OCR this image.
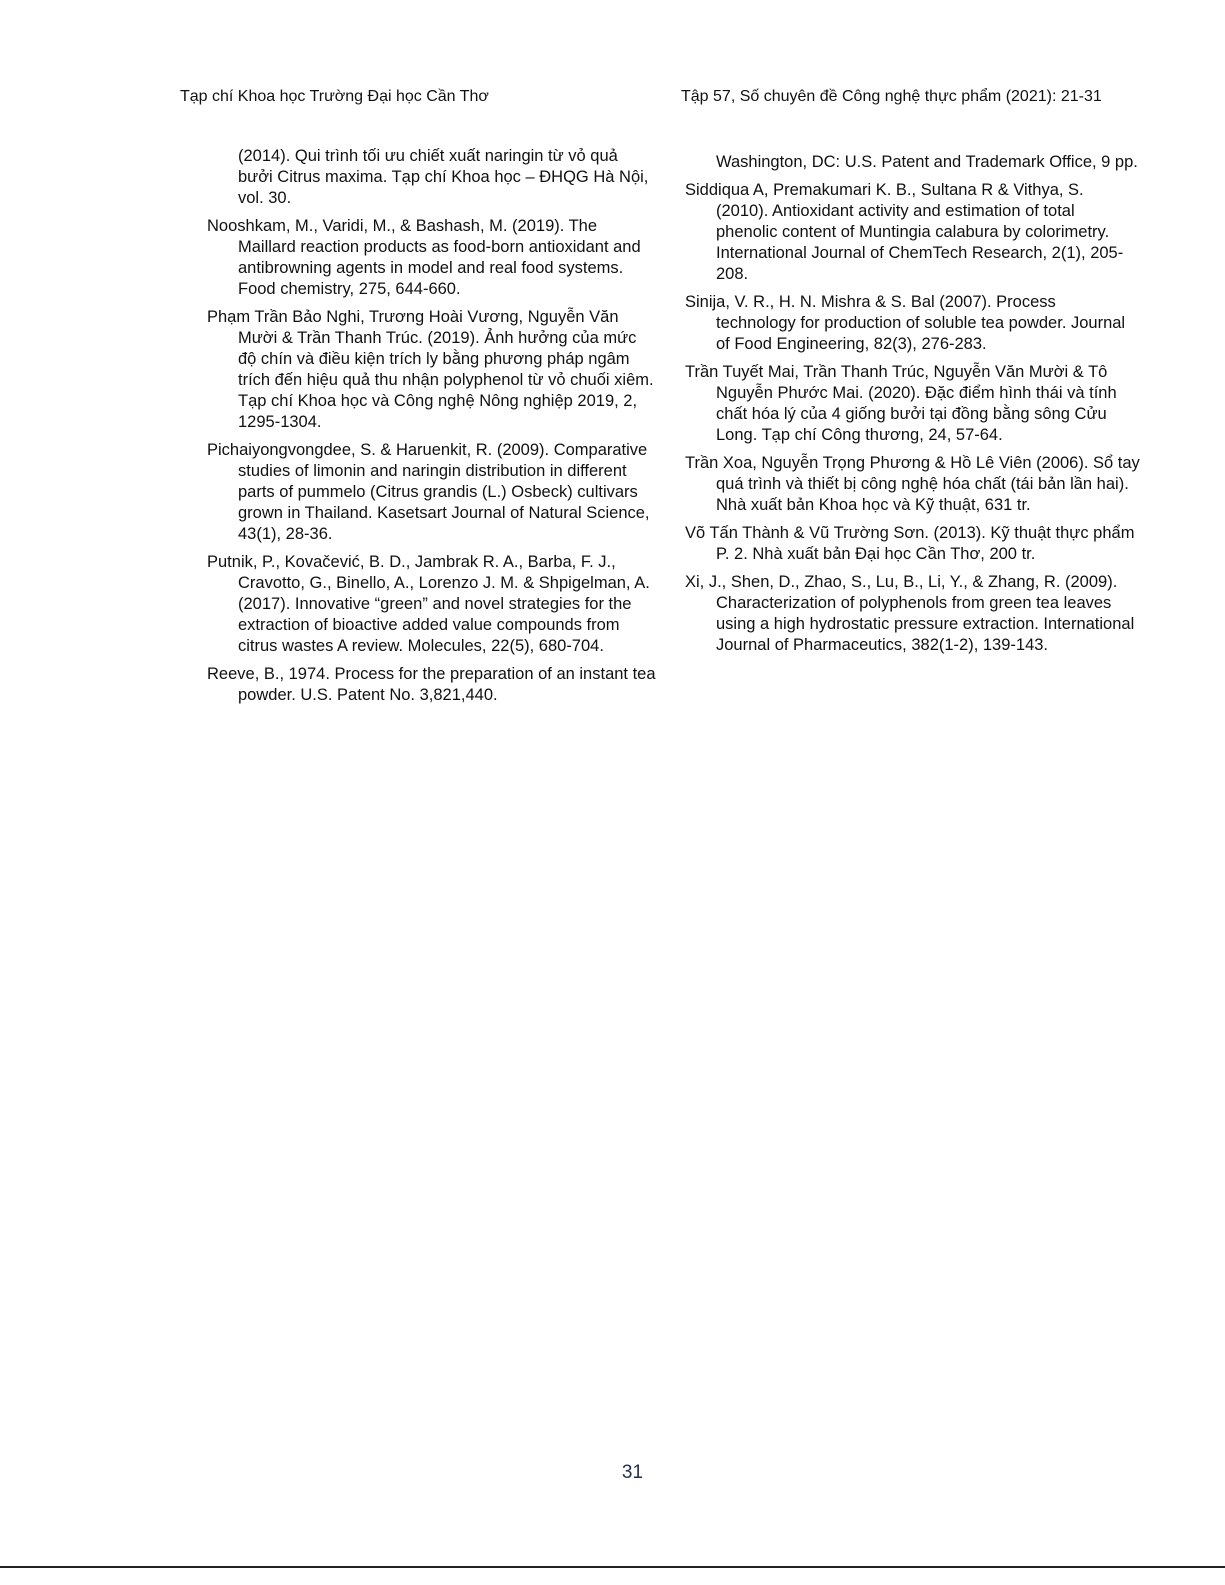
Tạp chí Khoa học Trường Đại học Cần Thơ	Tập 57, Số chuyên đề Công nghệ thực phẩm (2021): 21-31

(2014). Qui trình tối ưu chiết xuất naringin từ vỏ quả bưởi Citrus maxima. Tạp chí Khoa học – ĐHQG Hà Nội, vol. 30.

Nooshkam, M., Varidi, M., & Bashash, M. (2019). The Maillard reaction products as food-born antioxidant and antibrowning agents in model and real food systems. Food chemistry, 275, 644-660.

Phạm Trần Bảo Nghi, Trương Hoài Vương, Nguyễn Văn Mười & Trần Thanh Trúc. (2019). Ảnh hưởng của mức độ chín và điều kiện trích ly bằng phương pháp ngâm trích đến hiệu quả thu nhận polyphenol từ vỏ chuối xiêm. Tạp chí Khoa học và Công nghệ Nông nghiệp 2019, 2, 1295-1304.

Pichaiyongvongdee, S. & Haruenkit, R. (2009). Comparative studies of limonin and naringin distribution in different parts of pummelo (Citrus grandis (L.) Osbeck) cultivars grown in Thailand. Kasetsart Journal of Natural Science, 43(1), 28-36.

Putnik, P., Kovačević, B. D., Jambrak R. A., Barba, F. J., Cravotto, G., Binello, A., Lorenzo J. M. & Shpigelman, A. (2017). Innovative “green” and novel strategies for the extraction of bioactive added value compounds from citrus wastes A review. Molecules, 22(5), 680-704.

Reeve, B., 1974. Process for the preparation of an instant tea powder. U.S. Patent No. 3,821,440.

Washington, DC: U.S. Patent and Trademark Office, 9 pp.

Siddiqua A, Premakumari K. B., Sultana R & Vithya, S. (2010). Antioxidant activity and estimation of total phenolic content of Muntingia calabura by colorimetry. International Journal of ChemTech Research, 2(1), 205-208.

Sinija, V. R., H. N. Mishra & S. Bal (2007). Process technology for production of soluble tea powder. Journal of Food Engineering, 82(3), 276-283.

Trần Tuyết Mai, Trần Thanh Trúc, Nguyễn Văn Mười & Tô Nguyễn Phước Mai. (2020). Đặc điểm hình thái và tính chất hóa lý của 4 giống bưởi tại đồng bằng sông Cửu Long. Tạp chí Công thương, 24, 57-64.

Trần Xoa, Nguyễn Trọng Phương & Hồ Lê Viên (2006). Sổ tay quá trình và thiết bị công nghệ hóa chất (tái bản lần hai). Nhà xuất bản Khoa học và Kỹ thuật, 631 tr.

Võ Tấn Thành & Vũ Trường Sơn. (2013). Kỹ thuật thực phẩm P. 2. Nhà xuất bản Đại học Cần Thơ, 200 tr.

Xi, J., Shen, D., Zhao, S., Lu, B., Li, Y., & Zhang, R. (2009). Characterization of polyphenols from green tea leaves using a high hydrostatic pressure extraction. International Journal of Pharmaceutics, 382(1-2), 139-143.

31
